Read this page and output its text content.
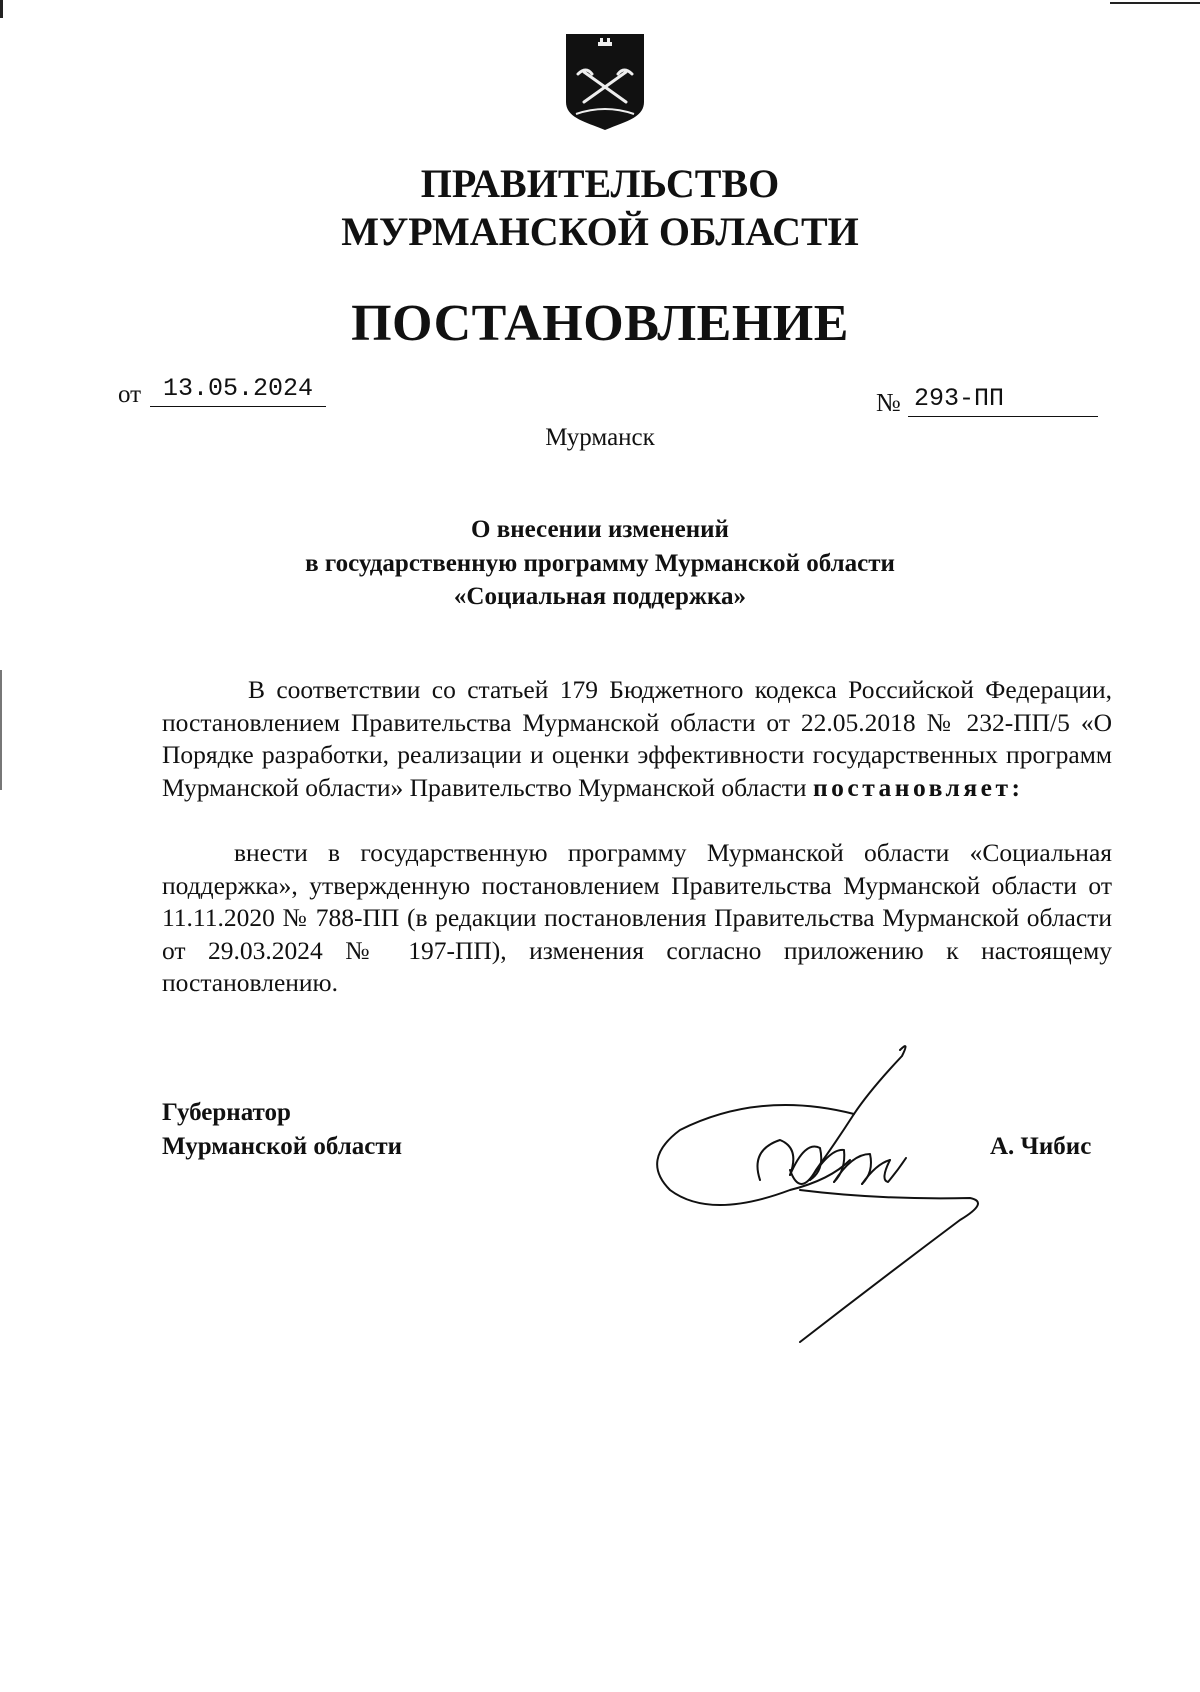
ПРАВИТЕЛЬСТВО
МУРМАНСКОЙ ОБЛАСТИ
ПОСТАНОВЛЕНИЕ
от 13.05.2024	№ 293-ПП
Мурманск
О внесении изменений
в государственную программу Мурманской области
«Социальная поддержка»
В соответствии со статьей 179 Бюджетного кодекса Российской Федерации, постановлением Правительства Мурманской области от 22.05.2018 № 232-ПП/5 «О Порядке разработки, реализации и оценки эффективности государственных программ Мурманской области» Правительство Мурманской области постановляет:
внести в государственную программу Мурманской области «Социальная поддержка», утвержденную постановлением Правительства Мурманской области от 11.11.2020 № 788-ПП (в редакции постановления Правительства Мурманской области от 29.03.2024 № 197-ПП), изменения согласно приложению к настоящему постановлению.
Губернатор
Мурманской области	А. Чибис
